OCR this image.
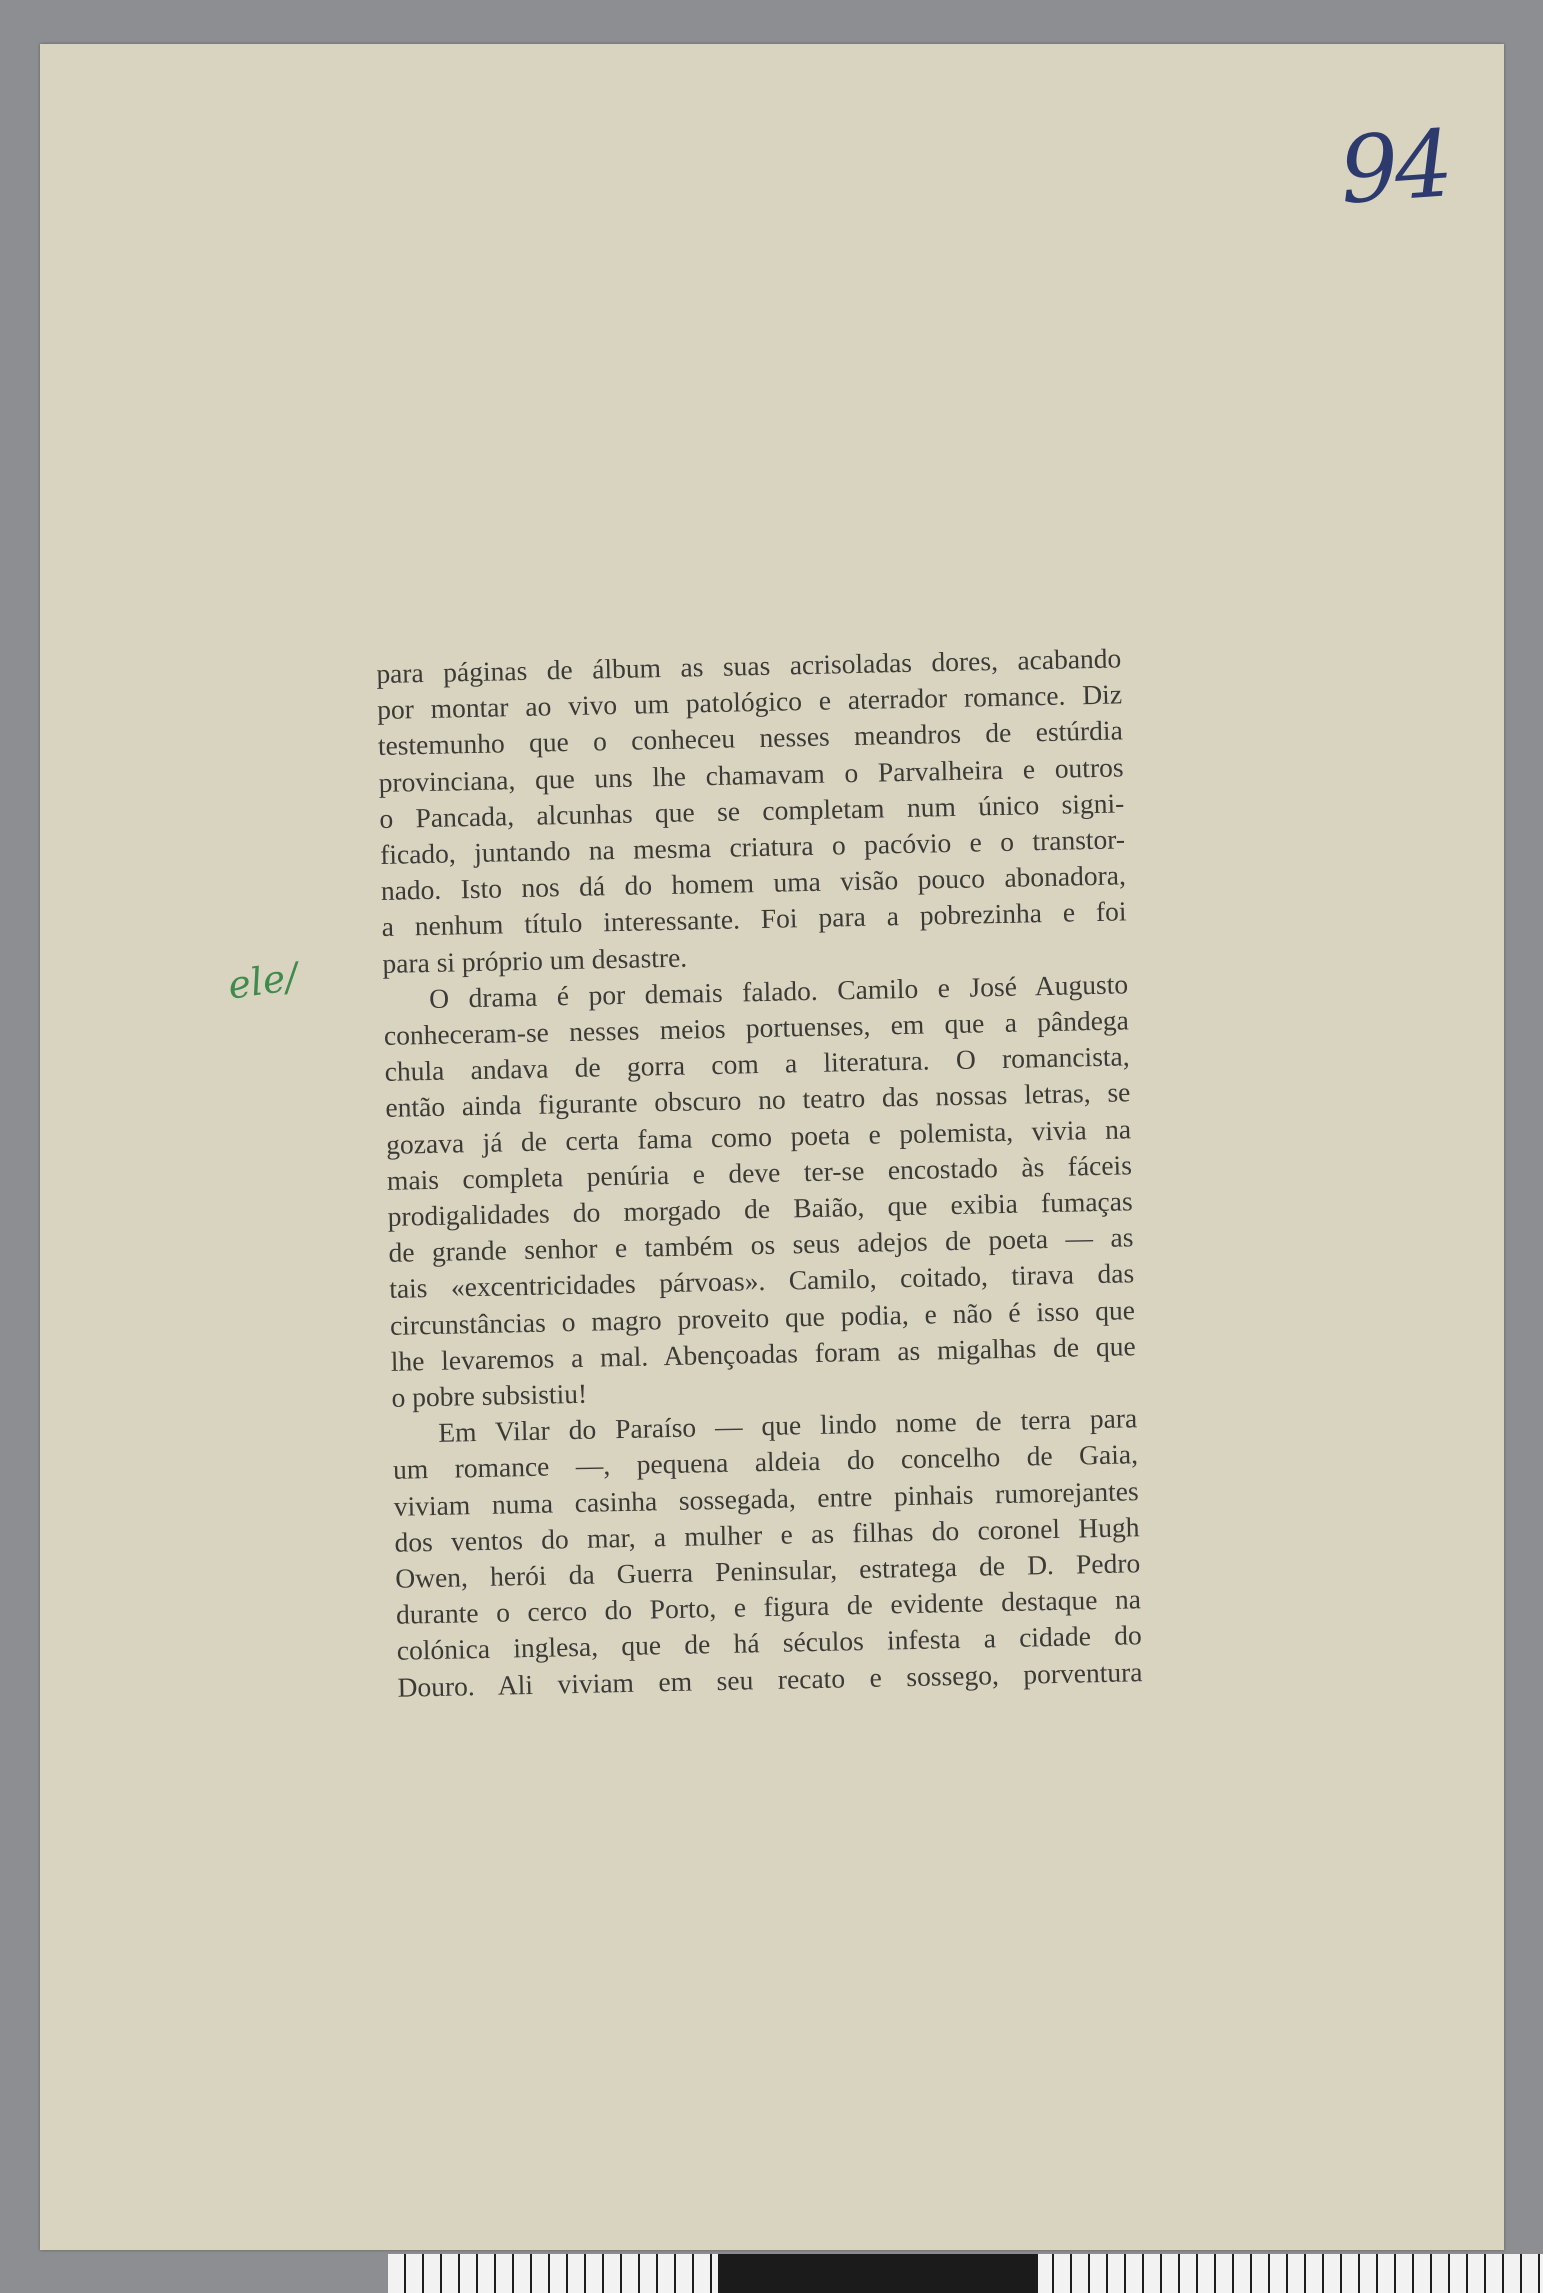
94
ele/

para páginas de álbum as suas acrisoladas dores, acabando
por montar ao vivo um patológico e aterrador romance. Diz
testemunho que o conheceu nesses meandros de estúrdia
provinciana, que uns lhe chamavam o Parvalheira e outros
o Pancada, alcunhas que se completam num único signi-
ficado, juntando na mesma criatura o pacóvio e o transtor-
nado. Isto nos dá do homem uma visão pouco abonadora,
a nenhum título interessante. Foi para a pobrezinha e foi
para si próprio um desastre.

O drama é por demais falado. Camilo e José Augusto
conheceram-se nesses meios portuenses, em que a pândega
chula andava de gorra com a literatura. O romancista,
então ainda figurante obscuro no teatro das nossas letras, se
gozava já de certa fama como poeta e polemista, vivia na
mais completa penúria e deve ter-se encostado às fáceis
prodigalidades do morgado de Baião, que exibia fumaças
de grande senhor e também os seus adejos de poeta — as
tais «excentricidades párvoas». Camilo, coitado, tirava das
circunstâncias o magro proveito que podia, e não é isso que
lhe levaremos a mal. Abençoadas foram as migalhas de que
o pobre subsistiu!

Em Vilar do Paraíso — que lindo nome de terra para
um romance —, pequena aldeia do concelho de Gaia,
viviam numa casinha sossegada, entre pinhais rumorejantes
dos ventos do mar, a mulher e as filhas do coronel Hugh
Owen, herói da Guerra Peninsular, estratega de D. Pedro
durante o cerco do Porto, e figura de evidente destaque na
colónica inglesa, que de há séculos infesta a cidade do
Douro. Ali viviam em seu recato e sossego, porventura
